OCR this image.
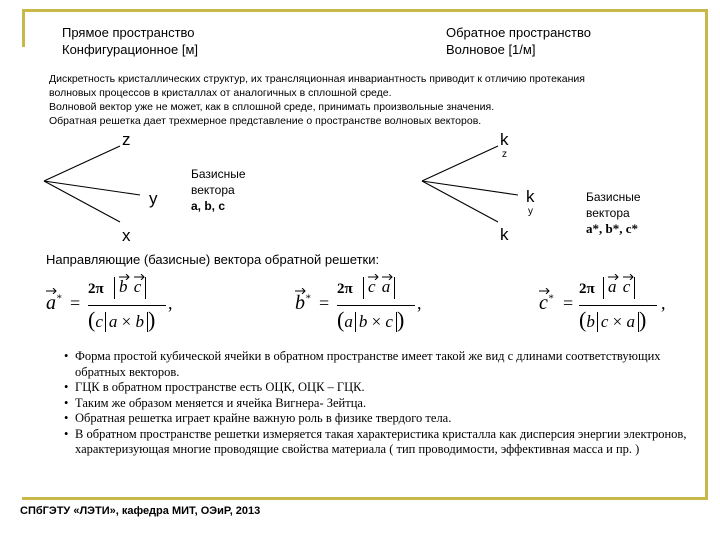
Прямое пространство
Конфигурационное [м]
Обратное пространство
Волновое [1/м]
Дискретность кристаллических структур, их трансляционная инвариантность приводит к отличию протекания
волновых процессов в кристаллах от аналогичных в сплошной среде.
Волновой вектор уже не может, как в сплошной среде, принимать произвольные значения.
Обратная решетка дает трехмерное представление о пространстве волновых векторов.
z
y
x
Базисные
вектора
a, b, c
k
z
k
y
k
Базисные
вектора
a*, b*, c*
Направляющие (базисные) вектора обратной решетки:
a* =
2π b c
(c a × b )
,	b* =
2π c a
(a b × c )
,	c* =
2π a c
(b c × a )
,
• Форма простой кубической ячейки в обратном пространстве имеет такой же вид с длинами соответствующих обратных векторов.
• ГЦК в обратном пространстве есть ОЦК, ОЦК – ГЦК.
• Таким же образом меняется и ячейка Вигнера- Зейтца.
• Обратная решетка играет крайне важную роль в физике твердого тела.
• В обратном пространстве решетки измеряется такая характеристика кристалла как дисперсия энергии электронов, характеризующая многие проводящие свойства материала ( тип проводимости, эффективная масса и пр. )
СПбГЭТУ «ЛЭТИ», кафедра МИТ, ОЭиР, 2013
